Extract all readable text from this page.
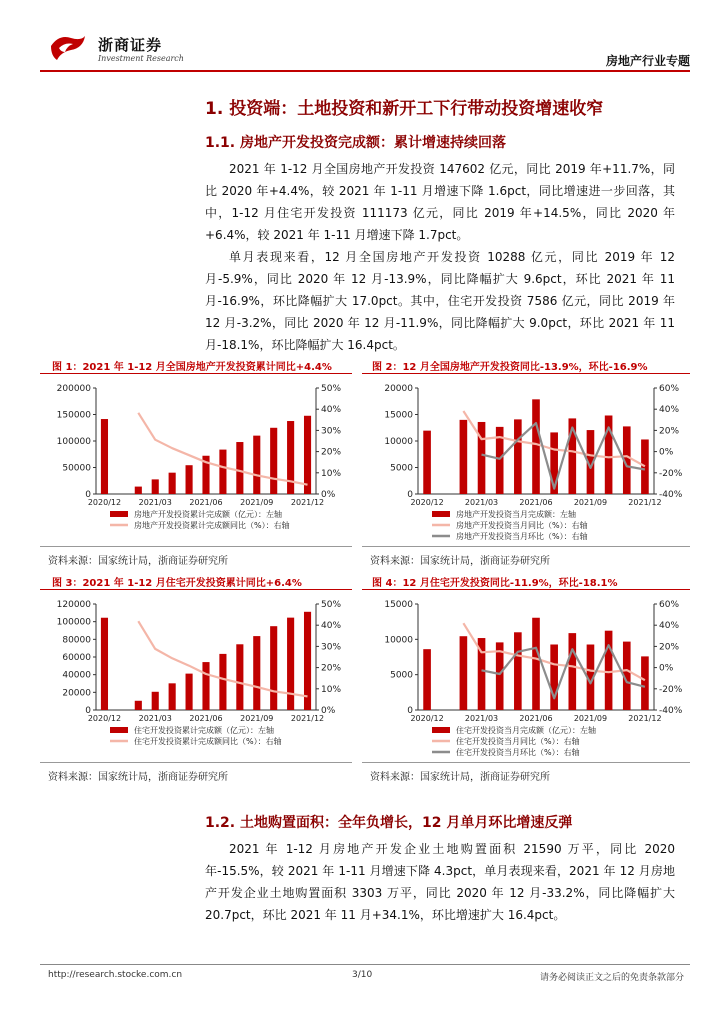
浙商证券
Investment Research	房地产行业专题
1. 投资端：土地投资和新开工下行带动投资增速收窄
1.1. 房地产开发投资完成额：累计增速持续回落

2021 年 1-12 月全国房地产开发投资 147602 亿元，同比 2019 年+11.7%，同比 2020 年+4.4%，较 2021 年 1-11 月增速下降 1.6pct，同比增速进一步回落，其中，1-12 月住宅开发投资 111173 亿元，同比 2019 年+14.5%，同比 2020 年+6.4%，较 2021 年 1-11 月增速下降 1.7pct。

单月表现来看，12 月全国房地产开发投资 10288 亿元，同比 2019 年 12 月-5.9%，同比 2020 年 12 月-13.9%，同比降幅扩大 9.6pct，环比 2021 年 11 月-16.9%，环比降幅扩大 17.0pct。其中，住宅开发投资 7586 亿元，同比 2019 年 12 月-3.2%，同比 2020 年 12 月-11.9%，同比降幅扩大 9.0pct，环比 2021 年 11 月-18.1%，环比降幅扩大 16.4pct。

图 1：2021 年 1-12 月全国房地产开发投资累计同比+4.4%
0
50000
100000
150000
200000
0%
10%
20%
30%
40%
50%
2020/12 2021/03 2021/06 2021/09 2021/12
房地产开发投资累计完成额（亿元）：左轴
房地产开发投资累计完成额同比（%）：右轴
资料来源：国家统计局，浙商证券研究所
图 2：12 月全国房地产开发投资同比-13.9%，环比-16.9%
0
5000
10000
15000
20000
-40%
-20%
0%
20%
40%
60%
2020/12	2021/03	2021/06	2021/09	2021/12
房地产开发投资当月完成额：左轴
房地产开发投资当月同比（%）：右轴
房地产开发投资当月环比（%）：右轴
资料来源：国家统计局，浙商证券研究所
图 3：2021 年 1-12 月住宅开发投资累计同比+6.4%
0
20000
40000
60000
80000
100000
120000
0%
10%
20%
30%
40%
50%
2020/12 2021/03 2021/06 2021/09 2021/12
住宅开发投资累计完成额（亿元）：左轴
住宅开发投资累计完成额同比（%）：右轴
资料来源：国家统计局，浙商证券研究所
图 4：12 月住宅开发投资同比-11.9%，环比-18.1%
0
5000
10000
15000
-40%
-20%
0%
20%
40%
60%
2020/12	2021/03	2021/06	2021/09	2021/12
住宅开发投资当月完成额（亿元）：左轴
住宅开发投资当月同比（%）：右轴
住宅开发投资当月环比（%）：右轴
资料来源：国家统计局，浙商证券研究所
1.2. 土地购置面积：全年负增长，12 月单月环比增速反弹

2021 年 1-12 月房地产开发企业土地购置面积 21590 万平，同比 2020 年-15.5%，较 2021 年 1-11 月增速下降 4.3pct，单月表现来看，2021 年 12 月房地产开发企业土地购置面积 3303 万平，同比 2020 年 12 月-33.2%，同比降幅扩大 20.7pct，环比 2021 年 11 月+34.1%，环比增速扩大 16.4pct。

http://research.stocke.com.cn	3/10	请务必阅读正文之后的免责条款部分
